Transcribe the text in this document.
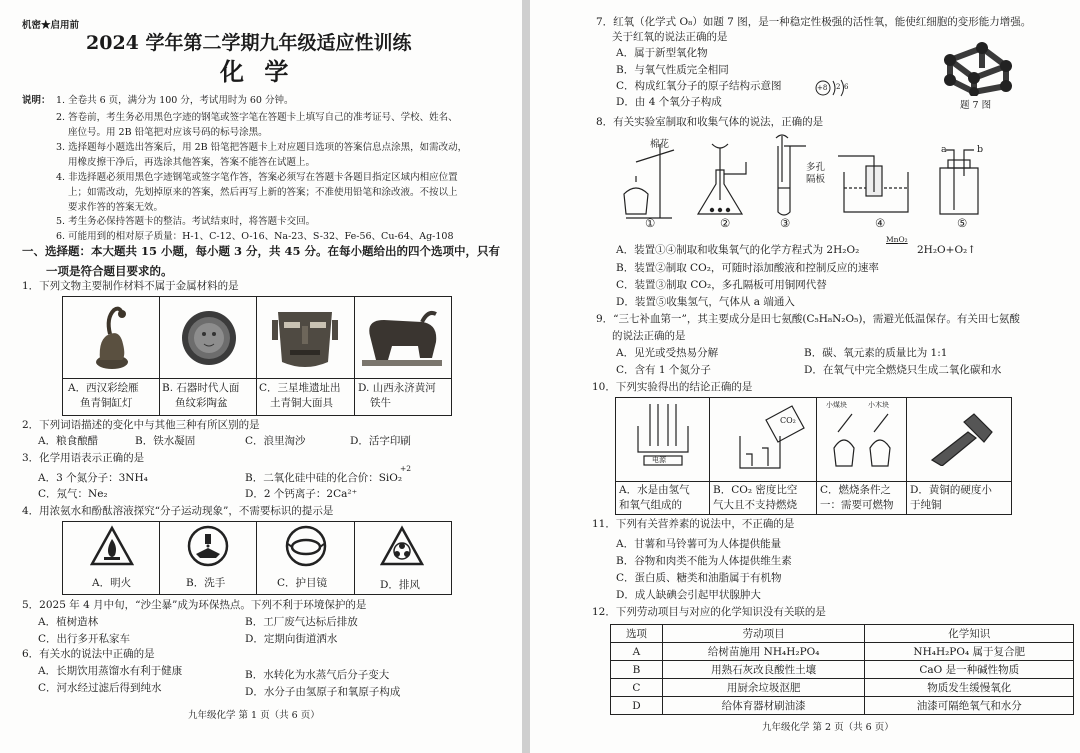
机密★启用前
2024 学年第二学期九年级适应性训练
化 学
说明： 1. 全卷共 6 页，满分为 100 分，考试用时为 60 分钟。
2. 答卷前，考生务必用黑色字迹的钢笔或签字笔在答题卡上填写自己的准考证号、学校、姓名、
座位号。用 2B 铅笔把对应该号码的标号涂黑。
3. 选择题每小题选出答案后，用 2B 铅笔把答题卡上对应题目选项的答案信息点涂黑，如需改动，
用橡皮擦干净后，再选涂其他答案，答案不能答在试题上。
4. 非选择题必须用黑色字迹钢笔或签字笔作答，答案必须写在答题卡各题目指定区域内相应位置
上；如需改动，先划掉原来的答案，然后再写上新的答案；不准使用铅笔和涂改液。不按以上
要求作答的答案无效。
5. 考生务必保持答题卡的整洁。考试结束时，将答题卡交回。
6. 可能用到的相对原子质量：H-1、C-12、O-16、Na-23、S-32、Fe-56、Cu-64、Ag-108
一、选择题：本大题共 15 小题，每小题 3 分，共 45 分。在每小题给出的四个选项中，只有
一项是符合题目要求的。
1．下列文物主要制作材料不属于金属材料的是
A．西汉彩绘雁
鱼青铜缸灯
B. 石器时代人面
鱼纹彩陶盆
C．三星堆遗址出
土青铜大面具
D. 山西永济黄河
铁牛
2．下列词语描述的变化中与其他三种有所区别的是
A．粮食酿醋	B．铁水凝固	C．浪里淘沙	D．活字印刷
3．化学用语表示正确的是
A．3 个氮分子：3NH₄
+2
B．二氧化硅中硅的化合价：SiO₂
C．氖气：Ne₂	D．2 个钙离子：2Ca²⁺
4．用浓氨水和酚酞溶液探究“分子运动现象”，不需要标识的提示是
A．明火	B．洗手	C．护目镜	D．排风
5．2025 年 4 月中旬，“沙尘暴”成为环保热点。下列不利于环境保护的是
A．植树造林	B．工厂废气达标后排放
C．出行多开私家车	D．定期向街道洒水
6．有关水的说法中正确的是
A．长期饮用蒸馏水有利于健康	B．水转化为水蒸气后分子变大
C．河水经过滤后得到纯水	D．水分子由氢原子和氧原子构成
九年级化学 第 1 页（共 6 页）
7．红氧（化学式 O₈）如题 7 图，是一种稳定性极强的活性氧，能使红细胞的变形能力增强。
关于红氧的说法正确的是
A．属于新型氧化物
B．与氧气性质完全相同
C．构成红氧分子的原子结构示意图	+8 2 6
D．由 4 个氧分子构成	题 7 图
8．有关实验室制取和收集气体的说法，正确的是
棉花
多孔
隔板
a	b
①	②	③	④	⑤
A．装置①④制取和收集氧气的化学方程式为 2H₂O₂
MnO₂
2H₂O+O₂↑
B．装置②制取 CO₂，可随时添加酸液和控制反应的速率
C．装置③制取 CO₂，多孔隔板可用铜网代替
D．装置⑤收集氢气，气体从 a 端通入
9．“三七补血第一”，其主要成分是田七氨酸(C₅H₈N₂O₅)，需避光低温保存。有关田七氨酸
的说法正确的是
A．见光或受热易分解	B．碳、氧元素的质量比为 1:1
C．含有 1 个氮分子	D．在氧气中完全燃烧只生成二氧化碳和水
10．下列实验得出的结论正确的是
电源
CO₂
小煤块	小木块
A．水是由氢气
和氧气组成的
B．CO₂ 密度比空
气大且不支持燃烧
C．燃烧条件之
一：需要可燃物
D．黄铜的硬度小
于纯铜
11．下列有关营养素的说法中，不正确的是
A．甘薯和马铃薯可为人体提供能量
B．谷物和肉类不能为人体提供维生素
C．蛋白质、糖类和油脂属于有机物
D．成人缺碘会引起甲状腺肿大
12．下列劳动项目与对应的化学知识没有关联的是
选项	劳动项目	化学知识
A	给树苗施用 NH₄H₂PO₄	NH₄H₂PO₄ 属于复合肥
B	用熟石灰改良酸性土壤	CaO 是一种碱性物质
C	用厨余垃圾沤肥	物质发生缓慢氧化
D	给体育器材刷油漆	油漆可隔绝氧气和水分
九年级化学 第 2 页（共 6 页）
